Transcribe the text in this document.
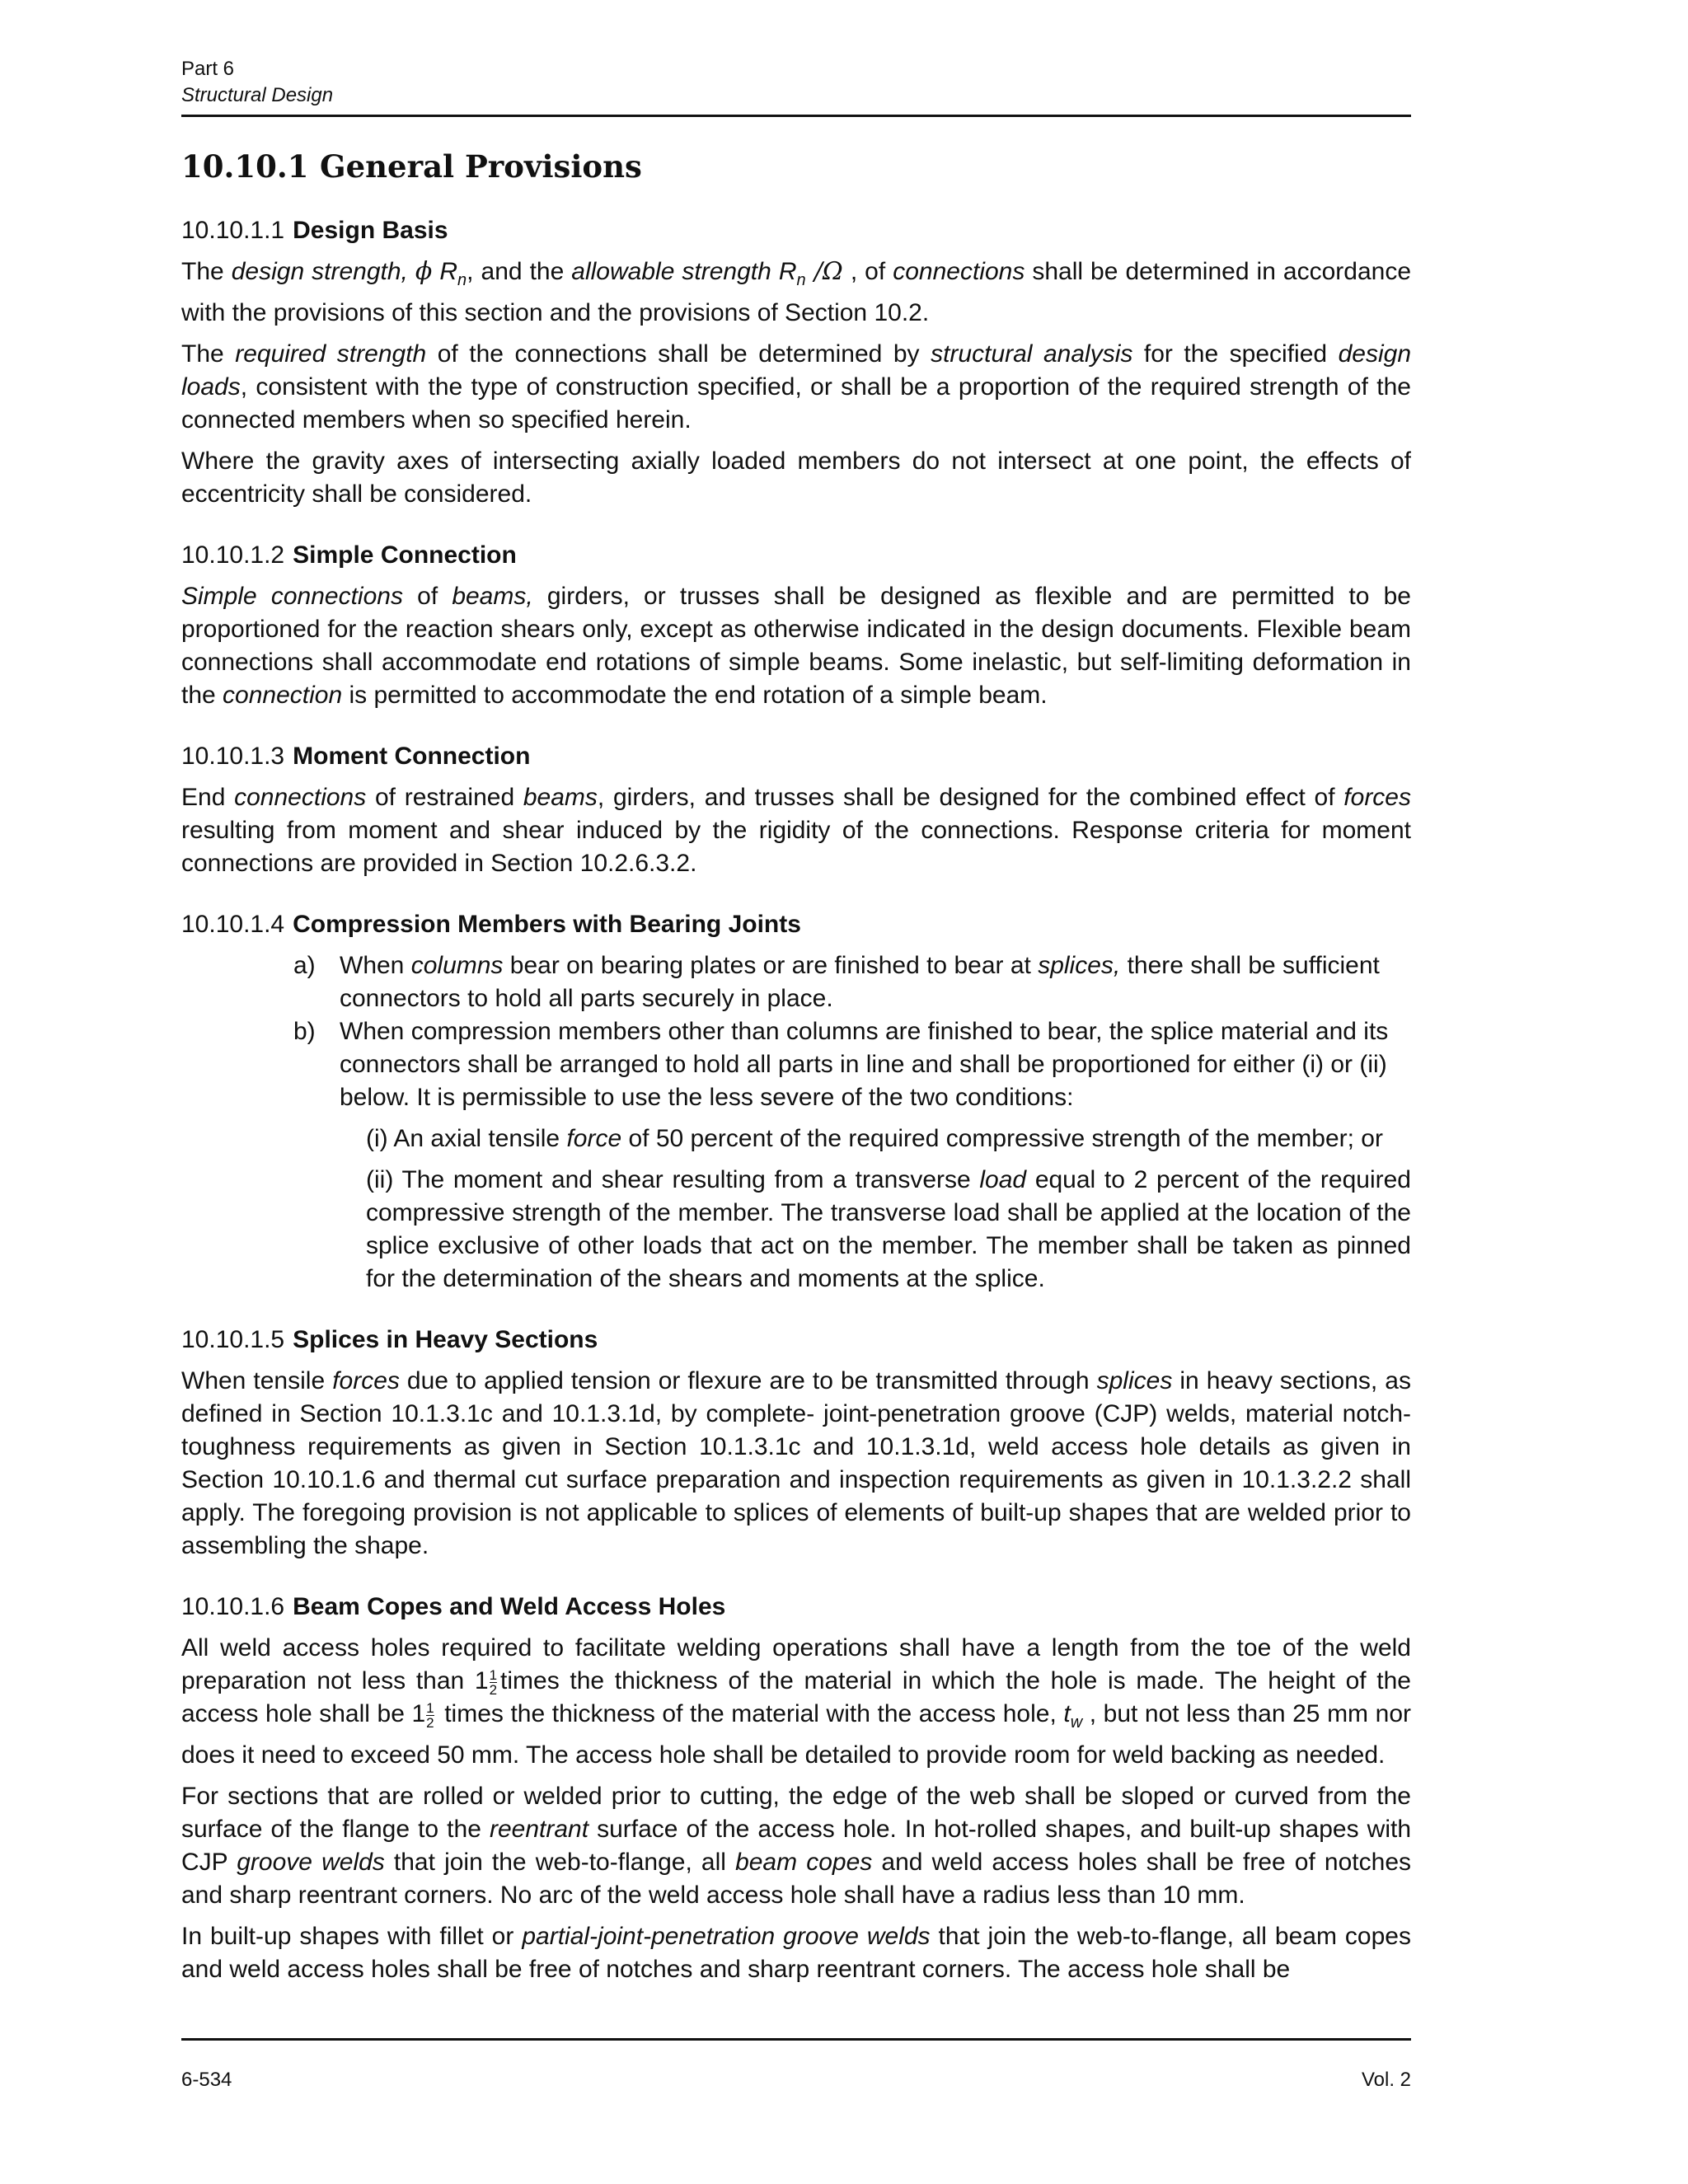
Part 6
Structural Design
10.10.1 General Provisions
10.10.1.1 Design Basis

The design strength, ϕ $R_n$, and the allowable strength $R_n$ /Ω , of connections shall be determined in accordance with the provisions of this section and the provisions of Section 10.2.

The required strength of the connections shall be determined by structural analysis for the specified design loads, consistent with the type of construction specified, or shall be a proportion of the required strength of the connected members when so specified herein.

Where the gravity axes of intersecting axially loaded members do not intersect at one point, the effects of eccentricity shall be considered.

10.10.1.2 Simple Connection

Simple connections of beams, girders, or trusses shall be designed as flexible and are permitted to be proportioned for the reaction shears only, except as otherwise indicated in the design documents. Flexible beam connections shall accommodate end rotations of simple beams. Some inelastic, but self-limiting deformation in the connection is permitted to accommodate the end rotation of a simple beam.

10.10.1.3 Moment Connection

End connections of restrained beams, girders, and trusses shall be designed for the combined effect of forces resulting from moment and shear induced by the rigidity of the connections. Response criteria for moment connections are provided in Section 10.2.6.3.2.

10.10.1.4 Compression Members with Bearing Joints
a) When columns bear on bearing plates or are finished to bear at splices, there shall be sufficient connectors to hold all parts securely in place.
b) When compression members other than columns are finished to bear, the splice material and its connectors shall be arranged to hold all parts in line and shall be proportioned for either (i) or (ii) below. It is permissible to use the less severe of the two conditions:

(i) An axial tensile force of 50 percent of the required compressive strength of the member; or

(ii) The moment and shear resulting from a transverse load equal to 2 percent of the required compressive strength of the member. The transverse load shall be applied at the location of the splice exclusive of other loads that act on the member. The member shall be taken as pinned for the determination of the shears and moments at the splice.

10.10.1.5 Splices in Heavy Sections

When tensile forces due to applied tension or flexure are to be transmitted through splices in heavy sections, as defined in Section 10.1.3.1c and 10.1.3.1d, by complete- joint-penetration groove (CJP) welds, material notch-toughness requirements as given in Section 10.1.3.1c and 10.1.3.1d, weld access hole details as given in Section 10.10.1.6 and thermal cut surface preparation and inspection requirements as given in 10.1.3.2.2 shall apply. The foregoing provision is not applicable to splices of elements of built-up shapes that are welded prior to assembling the shape.

10.10.1.6 Beam Copes and Weld Access Holes

All weld access holes required to facilitate welding operations shall have a length from the toe of the weld preparation not less than $1 \frac{1}{2}$ times the thickness of the material in which the hole is made. The height of the access hole shall be $1 \frac{1}{2}$ times the thickness of the material with the access hole, $t_w$ , but not less than 25 mm nor does it need to exceed 50 mm. The access hole shall be detailed to provide room for weld backing as needed.

For sections that are rolled or welded prior to cutting, the edge of the web shall be sloped or curved from the surface of the flange to the reentrant surface of the access hole. In hot-rolled shapes, and built-up shapes with CJP groove welds that join the web-to-flange, all beam copes and weld access holes shall be free of notches and sharp reentrant corners. No arc of the weld access hole shall have a radius less than 10 mm.

In built-up shapes with fillet or partial-joint-penetration groove welds that join the web-to-flange, all beam copes and weld access holes shall be free of notches and sharp reentrant corners. The access hole shall be

6-534	Vol. 2
